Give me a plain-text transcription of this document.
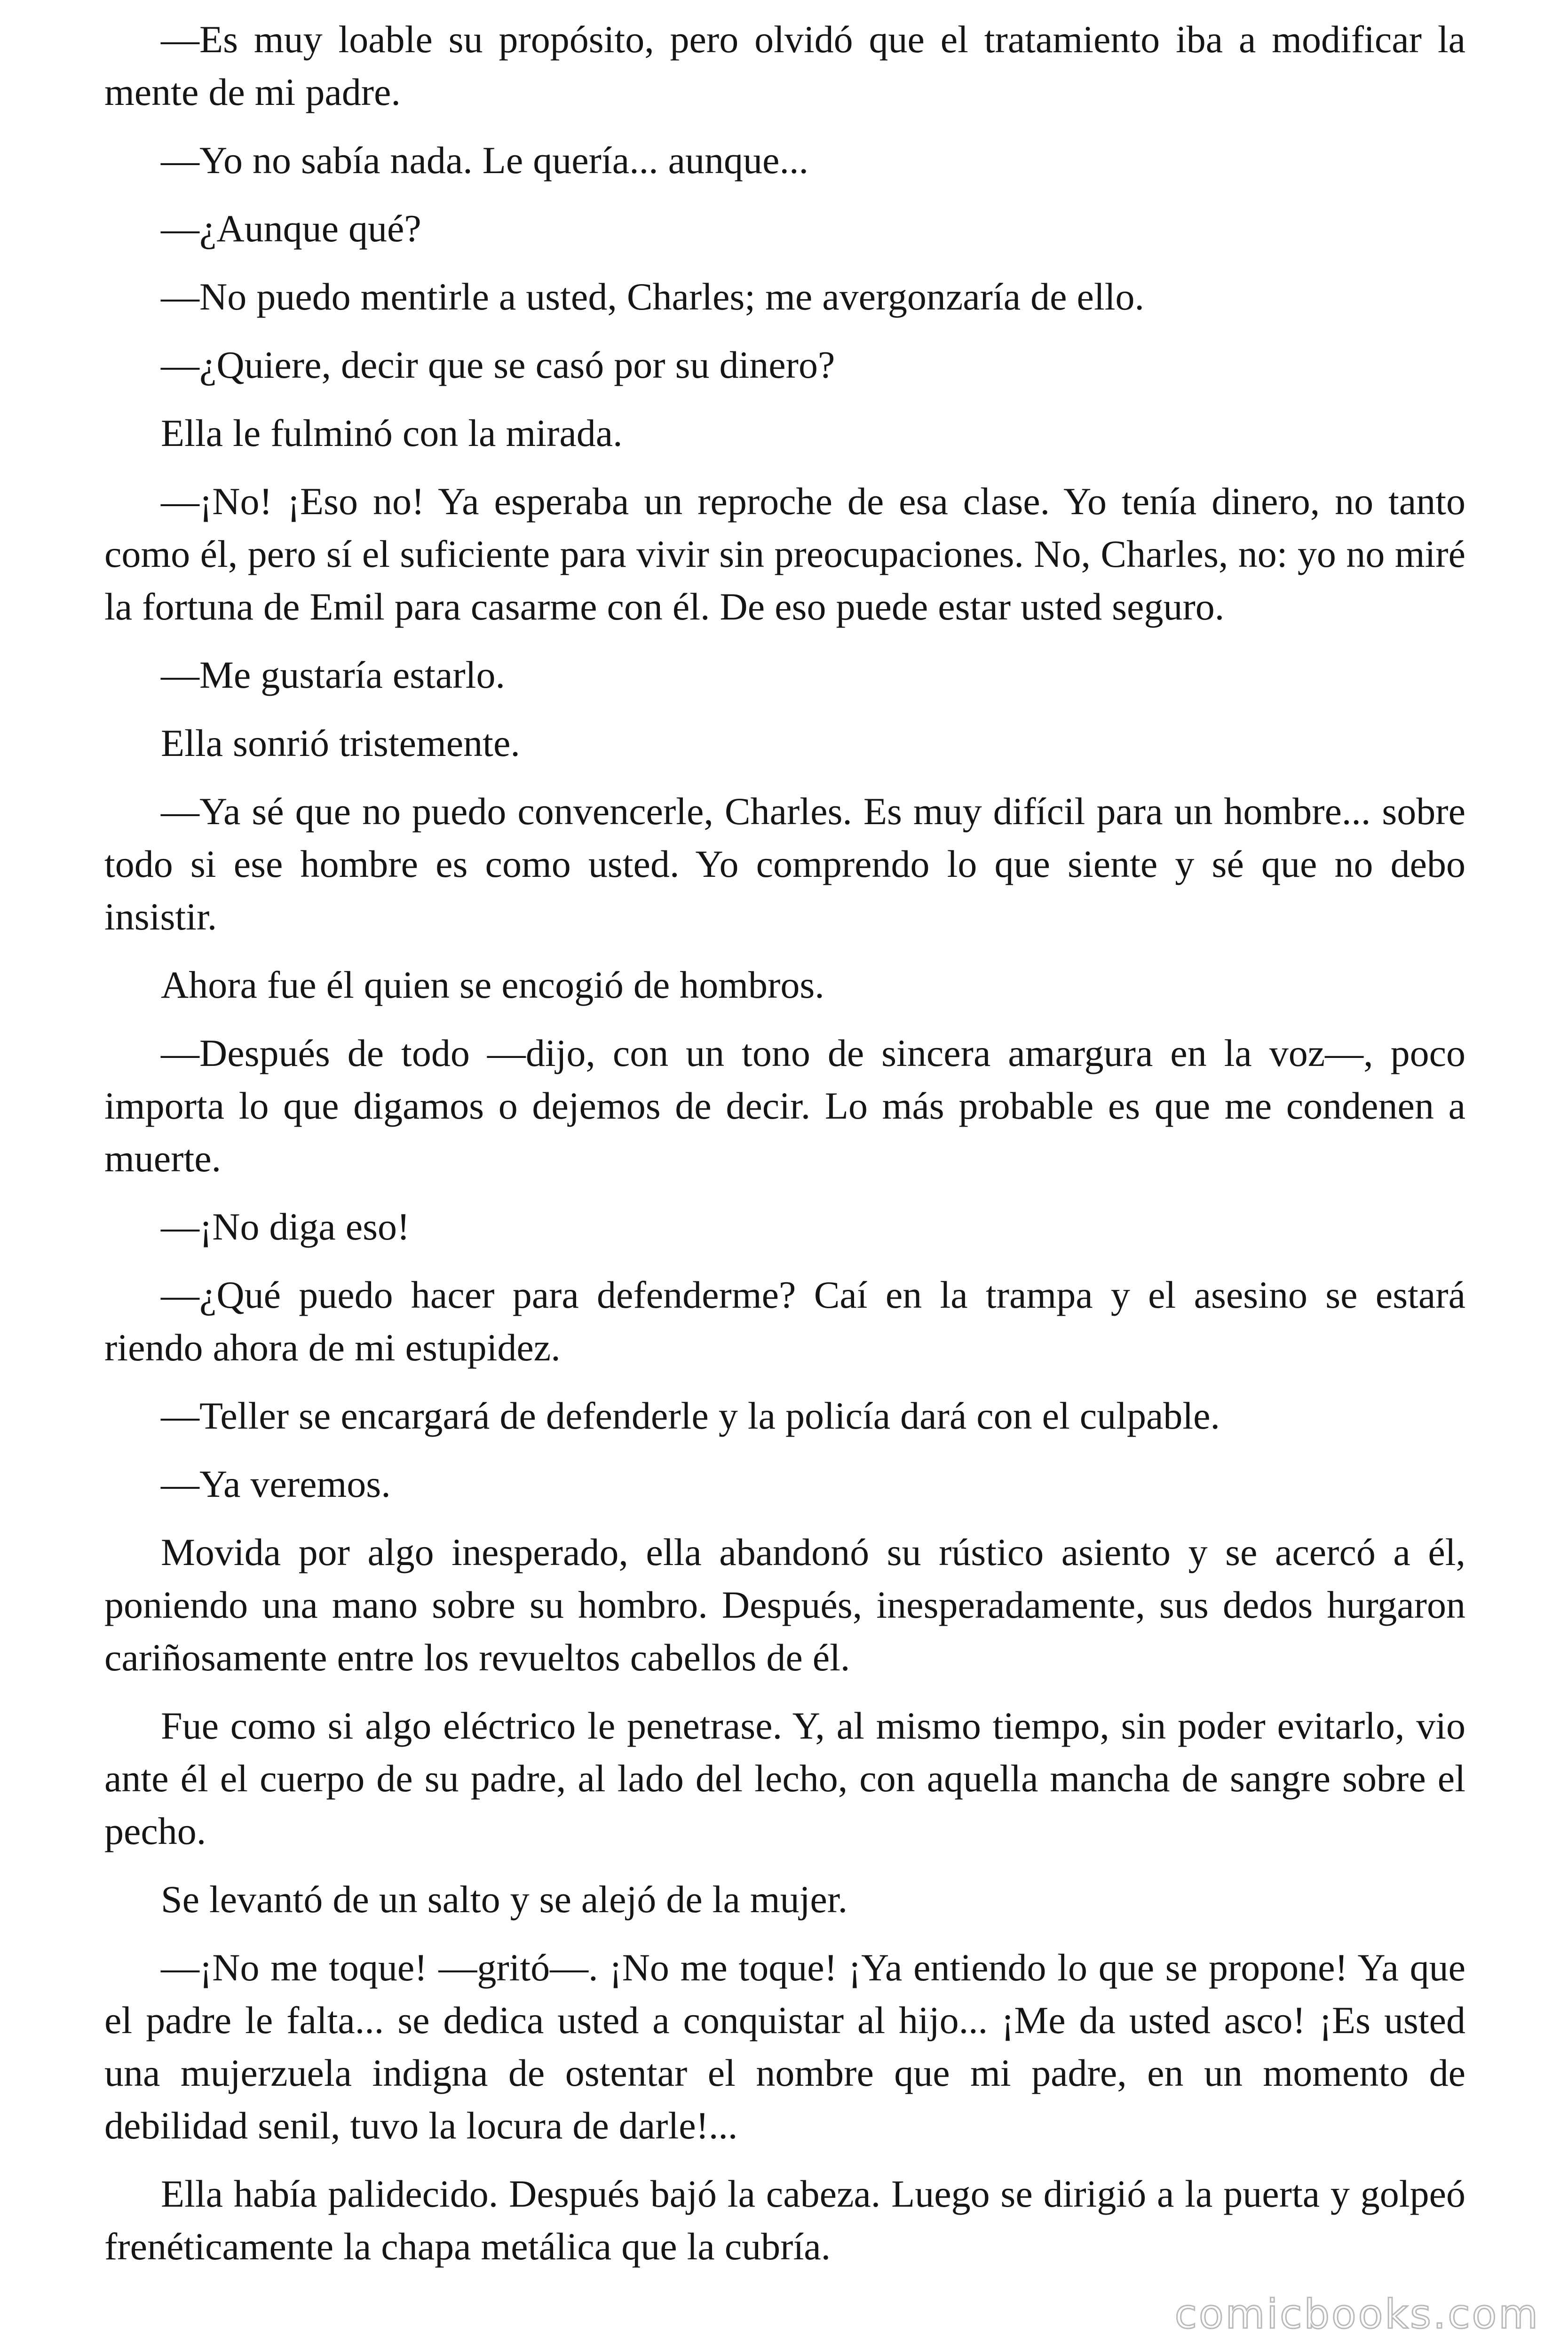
—Es muy loable su propósito, pero olvidó que el tratamiento iba a modificar la mente de mi padre.

—Yo no sabía nada. Le quería... aunque...

—¿Aunque qué?

—No puedo mentirle a usted, Charles; me avergonzaría de ello.

—¿Quiere, decir que se casó por su dinero?

Ella le fulminó con la mirada.

—¡No! ¡Eso no! Ya esperaba un reproche de esa clase. Yo tenía dinero, no tanto como él, pero sí el suficiente para vivir sin preocupaciones. No, Charles, no: yo no miré la fortuna de Emil para casarme con él. De eso puede estar usted seguro.

—Me gustaría estarlo.

Ella sonrió tristemente.

—Ya sé que no puedo convencerle, Charles. Es muy difícil para un hombre... sobre todo si ese hombre es como usted. Yo comprendo lo que siente y sé que no debo insistir.

Ahora fue él quien se encogió de hombros.

—Después de todo —dijo, con un tono de sincera amargura en la voz—, poco importa lo que digamos o dejemos de decir. Lo más probable es que me condenen a muerte.

—¡No diga eso!

—¿Qué puedo hacer para defenderme? Caí en la trampa y el asesino se estará riendo ahora de mi estupidez.

—Teller se encargará de defenderle y la policía dará con el culpable.

—Ya veremos.

Movida por algo inesperado, ella abandonó su rústico asiento y se acercó a él, poniendo una mano sobre su hombro. Después, inesperadamente, sus dedos hurgaron cariñosamente entre los revueltos cabellos de él.

Fue como si algo eléctrico le penetrase. Y, al mismo tiempo, sin poder evitarlo, vio ante él el cuerpo de su padre, al lado del lecho, con aquella mancha de sangre sobre el pecho.

Se levantó de un salto y se alejó de la mujer.

—¡No me toque! —gritó—. ¡No me toque! ¡Ya entiendo lo que se propone! Ya que el padre le falta... se dedica usted a conquistar al hijo... ¡Me da usted asco! ¡Es usted una mujerzuela indigna de ostentar el nombre que mi padre, en un momento de debilidad senil, tuvo la locura de darle!...

Ella había palidecido. Después bajó la cabeza. Luego se dirigió a la puerta y golpeó frenéticamente la chapa metálica que la cubría.

comicbooks.com
